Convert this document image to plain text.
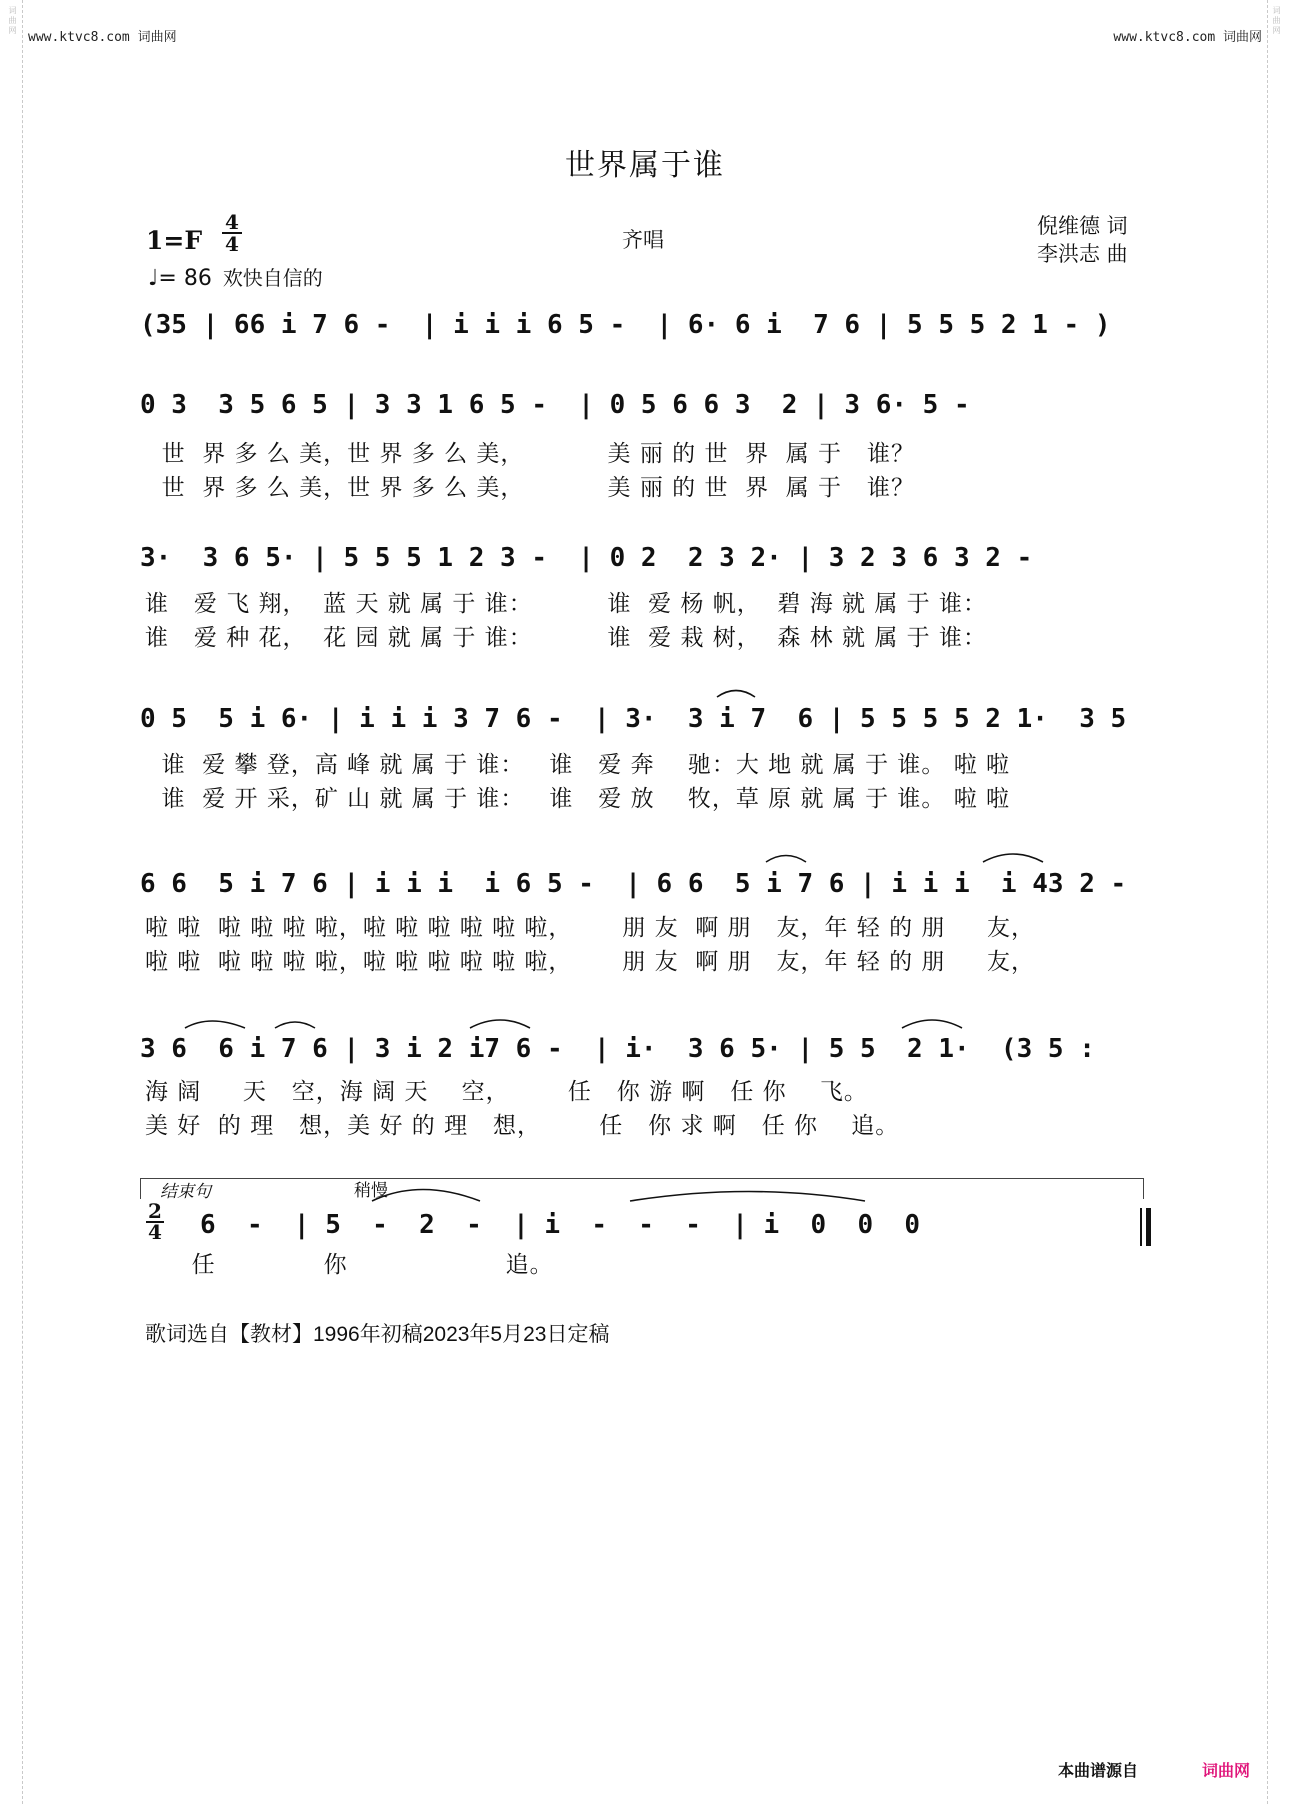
词曲网	词曲网
www.ktvc8.com 词曲网	www.ktvc8.com 词曲网
世界属于谁
1=F
4
4
♩= 86 欢快自信的
齐唱
倪维德 词
李洪志 曲
(35 | 66 i 7 6 -  | i i i 6 5 -  | 6· 6 i  7 6 | 5 5 5 2 1 - )
0 3  3 5 6 5 | 3 3 1 6 5 -  | 0 5 6 6 3  2 | 3 6· 5 -
世  界 多 么 美，世 界 多 么 美，          美 丽 的 世  界  属 于   谁？
世  界 多 么 美，世 界 多 么 美，          美 丽 的 世  界  属 于   谁？
3·  3 6 5· | 5 5 5 1 2 3 -  | 0 2  2 3 2· | 3 2 3 6 3 2 -
谁   爱 飞 翔，  蓝 天 就 属 于 谁：         谁  爱 杨 帆，  碧 海 就 属 于 谁：
谁   爱 种 花，  花 园 就 属 于 谁：         谁  爱 栽 树，  森 林 就 属 于 谁：
0 5  5 i 6· | i i i 3 7 6 -  | 3·  3 i 7  6 | 5 5 5 5 2 1·  3 5
谁  爱 攀 登，高 峰 就 属 于 谁：   谁   爱 奔    驰：大 地 就 属 于 谁。 啦 啦
谁  爱 开 采，矿 山 就 属 于 谁：   谁   爱 放    牧，草 原 就 属 于 谁。 啦 啦
6 6  5 i 7 6 | i i i  i 6 5 -  | 6 6  5 i 7 6 | i i i  i 43 2 -
啦 啦  啦 啦 啦 啦，啦 啦 啦 啦 啦 啦，      朋 友  啊 朋   友，年 轻 的 朋     友，
啦 啦  啦 啦 啦 啦，啦 啦 啦 啦 啦 啦，      朋 友  啊 朋   友，年 轻 的 朋     友，
3 6  6 i 7 6 | 3 i 2 i7 6 -  | i·  3 6 5· | 5 5  2 1·  (3 5 :
海 阔     天   空，海 阔 天    空，       任   你 游 啊   任 你    飞。
美 好  的 理   想，美 好 的 理   想，       任   你 求 啊   任 你    追。
结束句	稍慢
2
4 6  -  | 5  -  2  -  | i  -  -  -  | i  0  0  0
任             你                   追。
歌词选自【教材】1996年初稿2023年5月23日定稿
本曲谱源自	词曲网
